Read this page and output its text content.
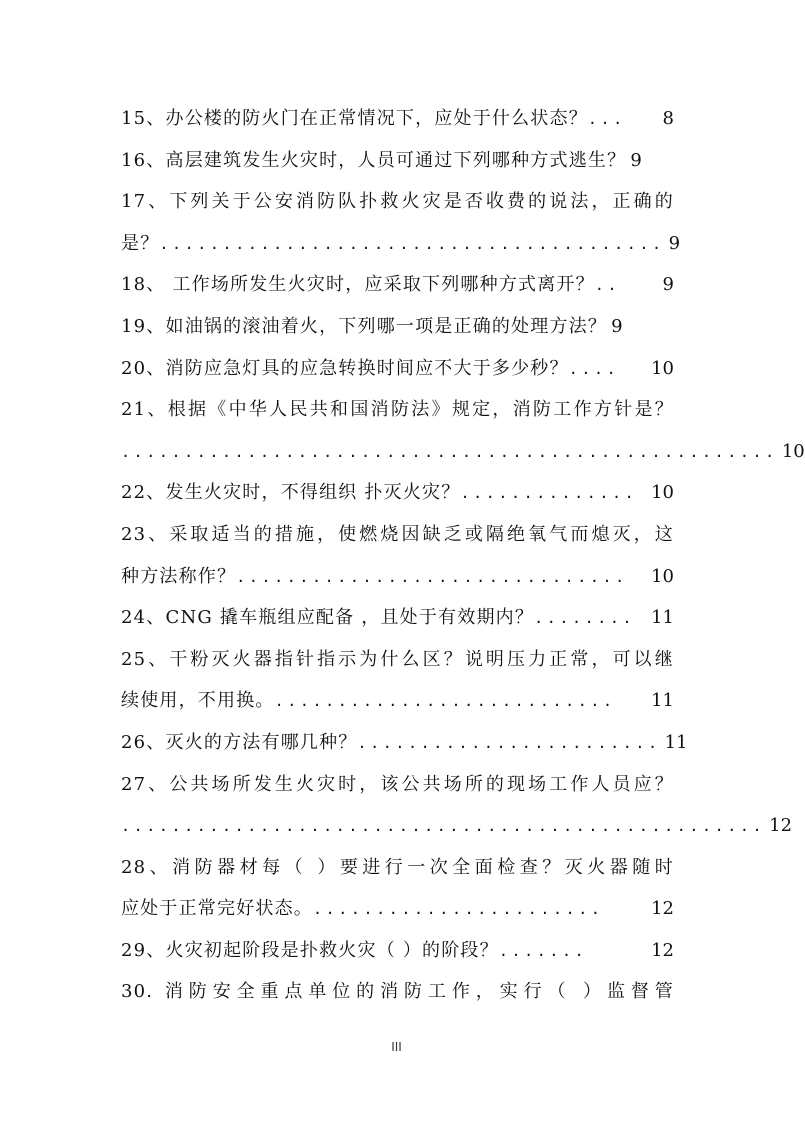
15、办公楼的防火门在正常情况下，应处于什么状态？ ...	8
16、高层建筑发生火灾时，人员可通过下列哪种方式逃生？ 9
17、下列关于公安消防队扑救火灾是否收费的说法，正确的
是？ ........................................ 9
18、 工作场所发生火灾时，应采取下列哪种方式离开？ ..	9
19、如油锅的滚油着火，下列哪一项是正确的处理方法？ 9
20、消防应急灯具的应急转换时间应不大于多少秒？ ....	10
21、根据《中华人民共和国消防法》规定，消防工作方针是？
.................................................... 10
22、发生火灾时，不得组织 扑灭火灾？ .............. 10
23、采取适当的措施，使燃烧因缺乏或隔绝氧气而熄灭，这
种方法称作？ ...............................	10
24、CNG 撬车瓶组应配备 ，且处于有效期内？ ........ 11
25、干粉灭火器指针指示为什么区？说明压力正常，可以继
续使用，不用换。 ...........................	11
26、灭火的方法有哪几种？ ........................ 11
27、公共场所发生火灾时，该公共场所的现场工作人员应？
................................................... 12
28、消防器材每（ ）要进行一次全面检查？灭火器随时
应处于正常完好状态。 .......................	12
29、火灾初起阶段是扑救火灾（ ）的阶段？ .......	12
30. 消防安全重点单位的消防工作，实行（ ）监督管
III
